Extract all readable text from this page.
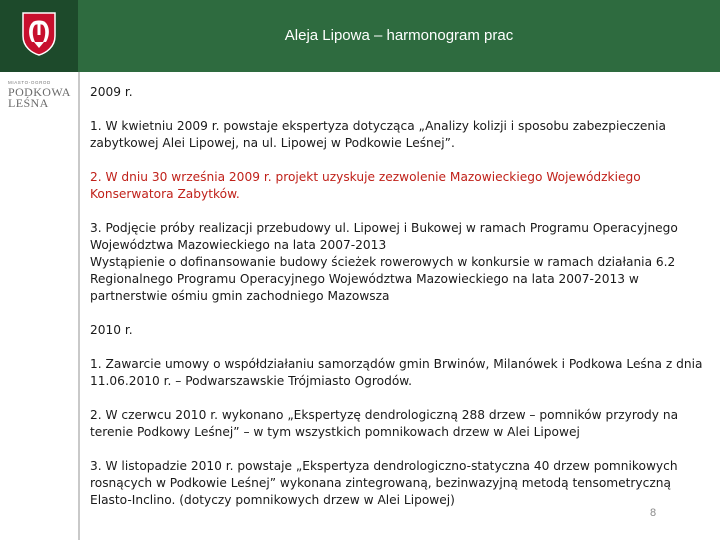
Aleja Lipowa – harmonogram prac
MIASTO-OGROD
PODKOWA
LEŚNA

2009 r.

1. W kwietniu 2009 r. powstaje ekspertyza dotycząca „Analizy kolizji i sposobu zabezpieczenia zabytkowej Alei Lipowej, na ul. Lipowej w Podkowie Leśnej”.

2. W dniu 30 września 2009 r. projekt uzyskuje zezwolenie Mazowieckiego Wojewódzkiego Konserwatora Zabytków.

3. Podjęcie próby realizacji przebudowy ul. Lipowej i Bukowej w ramach Programu Operacyjnego Województwa Mazowieckiego na lata 2007-2013
Wystąpienie o dofinansowanie budowy ścieżek rowerowych w konkursie w ramach działania 6.2 Regionalnego Programu Operacyjnego Województwa Mazowieckiego na lata 2007-2013 w partnerstwie ośmiu gmin zachodniego Mazowsza

2010 r.

1. Zawarcie umowy o współdziałaniu samorządów gmin Brwinów, Milanówek i Podkowa Leśna z dnia 11.06.2010 r. – Podwarszawskie Trójmiasto Ogrodów.

2. W czerwcu 2010 r. wykonano „Ekspertyzę dendrologiczną 288 drzew – pomników przyrody na terenie Podkowy Leśnej” – w tym wszystkich pomnikowach drzew w Alei Lipowej

3. W listopadzie 2010 r. powstaje „Ekspertyza dendrologiczno-statyczna 40 drzew pomnikowych rosnących w Podkowie Leśnej” wykonana zintegrowaną, bezinwazyjną metodą tensometryczną Elasto-Inclino. (dotyczy pomnikowych drzew w Alei Lipowej)

8
